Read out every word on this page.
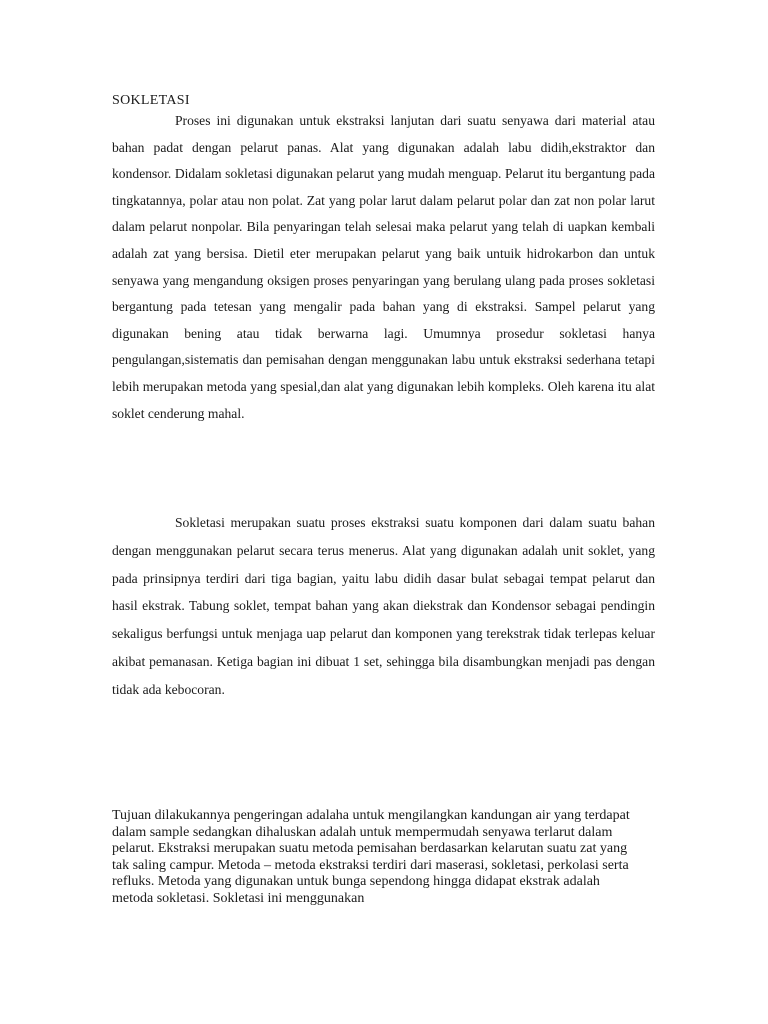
SOKLETASI

Proses ini digunakan untuk ekstraksi lanjutan dari suatu senyawa dari material atau bahan padat dengan pelarut panas. Alat yang digunakan adalah labu didih,ekstraktor dan kondensor. Didalam sokletasi digunakan pelarut yang mudah menguap. Pelarut itu bergantung pada tingkatannya, polar atau non polat. Zat yang polar larut dalam pelarut polar dan zat non polar larut dalam pelarut nonpolar. Bila penyaringan telah selesai maka pelarut yang telah di uapkan kembali adalah zat yang bersisa. Dietil eter merupakan pelarut yang baik untuik hidrokarbon dan untuk senyawa yang mengandung oksigen proses penyaringan yang berulang ulang pada proses sokletasi bergantung pada tetesan yang mengalir pada bahan yang di ekstraksi. Sampel pelarut yang digunakan bening atau tidak berwarna lagi. Umumnya prosedur sokletasi hanya pengulangan,sistematis dan pemisahan dengan menggunakan labu untuk ekstraksi sederhana tetapi lebih merupakan metoda yang spesial,dan alat yang digunakan lebih kompleks. Oleh karena itu alat soklet cenderung mahal.

Sokletasi merupakan suatu proses ekstraksi suatu komponen dari dalam suatu bahan dengan menggunakan pelarut secara terus menerus. Alat yang digunakan adalah unit soklet, yang pada prinsipnya terdiri dari tiga bagian, yaitu labu didih dasar bulat sebagai tempat pelarut dan hasil ekstrak. Tabung soklet, tempat bahan yang akan diekstrak dan Kondensor sebagai pendingin sekaligus berfungsi untuk menjaga uap pelarut dan komponen yang terekstrak tidak terlepas keluar akibat pemanasan. Ketiga bagian ini dibuat 1 set, sehingga bila disambungkan menjadi pas dengan tidak ada kebocoran.

Tujuan dilakukannya pengeringan adalaha untuk mengilangkan kandungan air yang terdapat dalam sample sedangkan dihaluskan adalah untuk mempermudah senyawa terlarut dalam pelarut. Ekstraksi merupakan suatu metoda pemisahan berdasarkan kelarutan suatu zat yang tak saling campur. Metoda – metoda ekstraksi terdiri dari maserasi, sokletasi, perkolasi serta refluks. Metoda yang digunakan untuk bunga sependong hingga didapat ekstrak adalah metoda sokletasi. Sokletasi ini menggunakan
